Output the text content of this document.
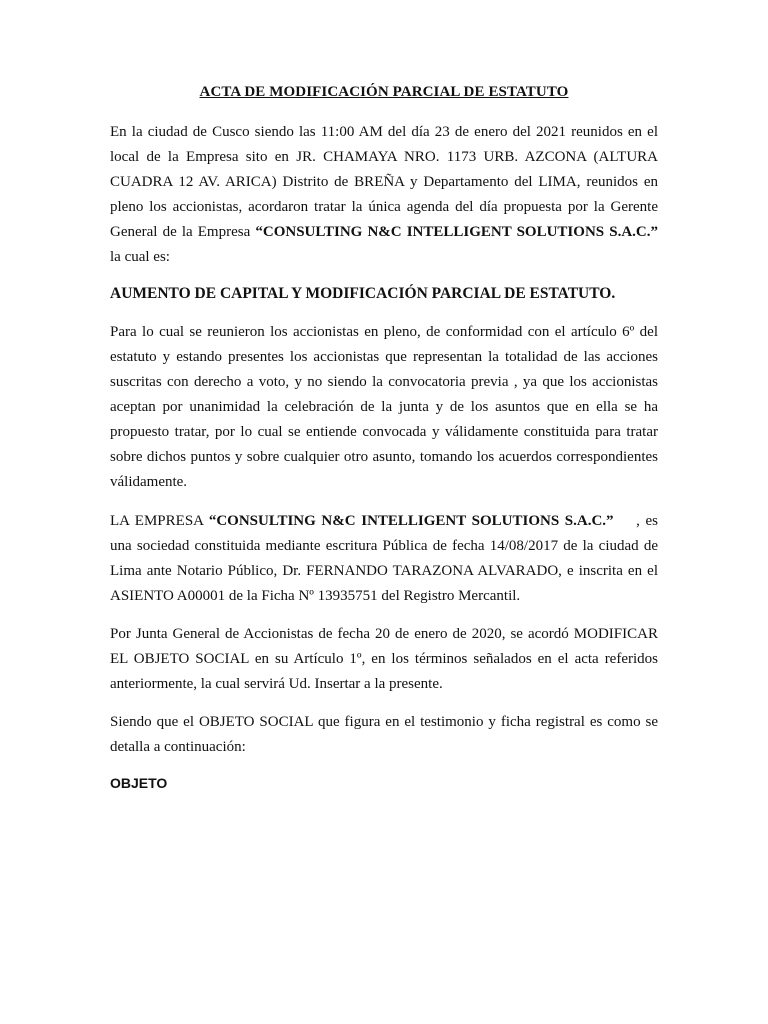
ACTA DE MODIFICACIÓN PARCIAL DE ESTATUTO

En la ciudad de Cusco siendo las 11:00 AM del día 23 de enero del 2021 reunidos en el local de la Empresa sito en JR. CHAMAYA NRO. 1173 URB. AZCONA (ALTURA CUADRA 12 AV. ARICA) Distrito de BREÑA y Departamento del LIMA, reunidos en pleno los accionistas, acordaron tratar la única agenda del día propuesta por la Gerente General de la Empresa “CONSULTING N&C INTELLIGENT SOLUTIONS S.A.C.” la cual es:

AUMENTO DE CAPITAL Y MODIFICACIÓN PARCIAL DE ESTATUTO.

Para lo cual se reunieron los accionistas en pleno, de conformidad con el artículo 6º del estatuto y estando presentes los accionistas que representan la totalidad de las acciones suscritas con derecho a voto, y no siendo la convocatoria previa , ya que los accionistas aceptan por unanimidad la celebración de la junta y de los asuntos que en ella se ha propuesto tratar, por lo cual se entiende convocada y válidamente constituida para tratar sobre dichos puntos y sobre cualquier otro asunto, tomando los acuerdos correspondientes válidamente.

LA EMPRESA “CONSULTING N&C INTELLIGENT SOLUTIONS S.A.C.”    , es una sociedad constituida mediante escritura Pública de fecha 14/08/2017 de la ciudad de Lima ante Notario Público, Dr. FERNANDO TARAZONA ALVARADO, e inscrita en el ASIENTO A00001 de la Ficha Nº 13935751 del Registro Mercantil.

Por Junta General de Accionistas de fecha 20 de enero de 2020, se acordó MODIFICAR EL OBJETO SOCIAL en su Artículo 1º, en los términos señalados en el acta referidos anteriormente, la cual servirá Ud. Insertar a la presente.

Siendo que el OBJETO SOCIAL que figura en el testimonio y ficha registral es como se detalla a continuación:

OBJETO
